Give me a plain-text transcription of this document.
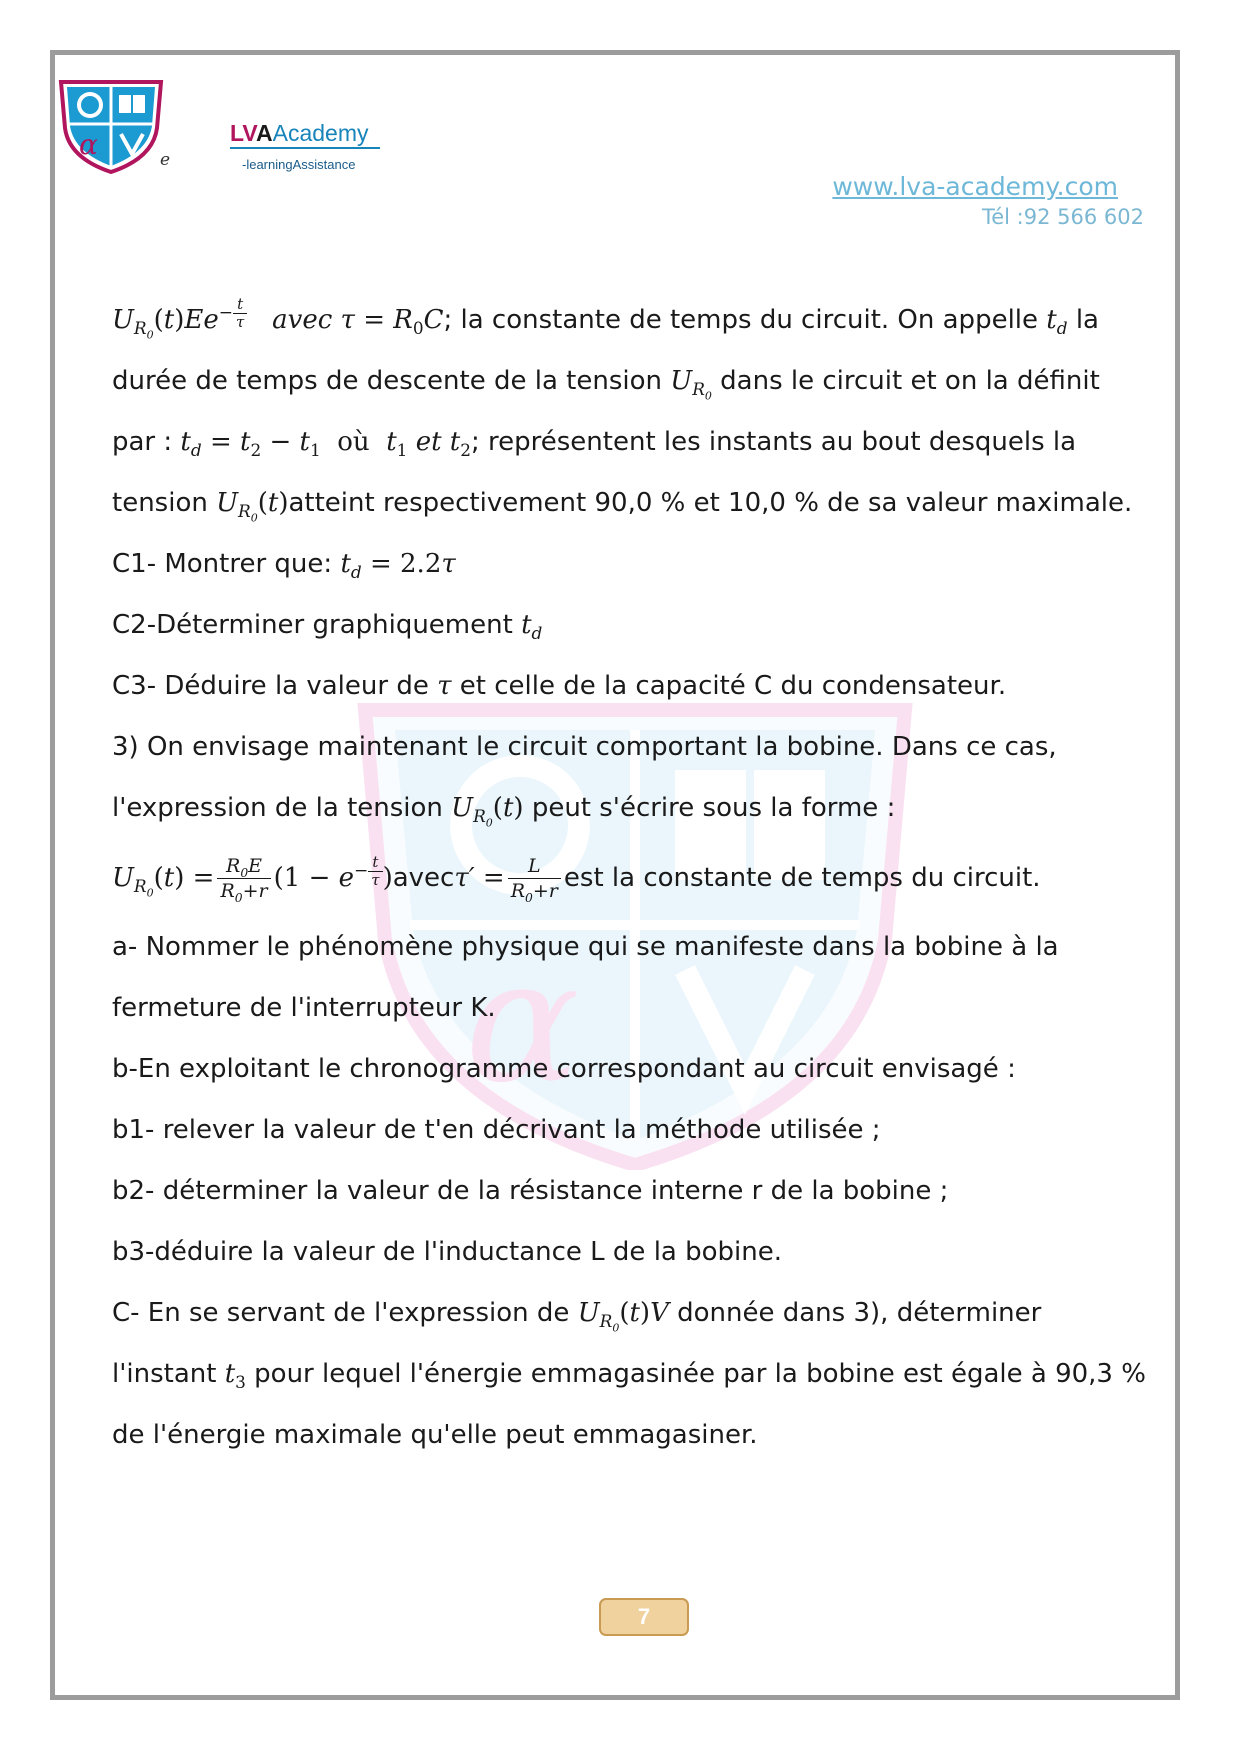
α	e
LVAAcademy
-learningAssistance
www.lva-academy.com
Tél :92 566 602
α
$U_{R_0}(t)Ee- \frac{t}{\tau}$ avec $\tau = R_0C$; la constante de temps du circuit. On appelle $t_d$ la
durée de temps de descente de la tension $U_{R_0}$ dans le circuit et on la définit
par : $t_d = t_2 - t_1$ où $t_1$ et $t_2$; représentent les instants au bout desquels la
tension $U_{R_0}(t)atteint$ respectivement 90,0 % et 10,0 % de sa valeur maximale.
C1- Montrer que: $t_d = 2.2\tau$
C2-Déterminer graphiquement $t_d$
C3- Déduire la valeur de τ et celle de la capacité C du condensateur.
3) On envisage maintenant le circuit comportant la bobine. Dans ce cas,
l'expression de la tension $U_{R_0}(t)$ peut s'écrire sous la forme :
$U_{R_0}(t) = \frac{R_0E}{R_0+r} (1 - e- \frac{t}{\tau}$ )avecτ′ = $\frac{L}{R_0+r}$ est la constante de temps du circuit.
a- Nommer le phénomène physique qui se manifeste dans la bobine à la
fermeture de l'interrupteur K.
b-En exploitant le chronogramme correspondant au circuit envisagé :
b1- relever la valeur de t'en décrivant la méthode utilisée ;
b2- déterminer la valeur de la résistance interne r de la bobine ;
b3-déduire la valeur de l'inductance L de la bobine.
C- En se servant de l'expression de $U_{R_0}(t)V$ donnée dans 3), déterminer
l'instant $t_3$ pour lequel l'énergie emmagasinée par la bobine est égale à 90,3 %
de l'énergie maximale qu'elle peut emmagasiner.
7
